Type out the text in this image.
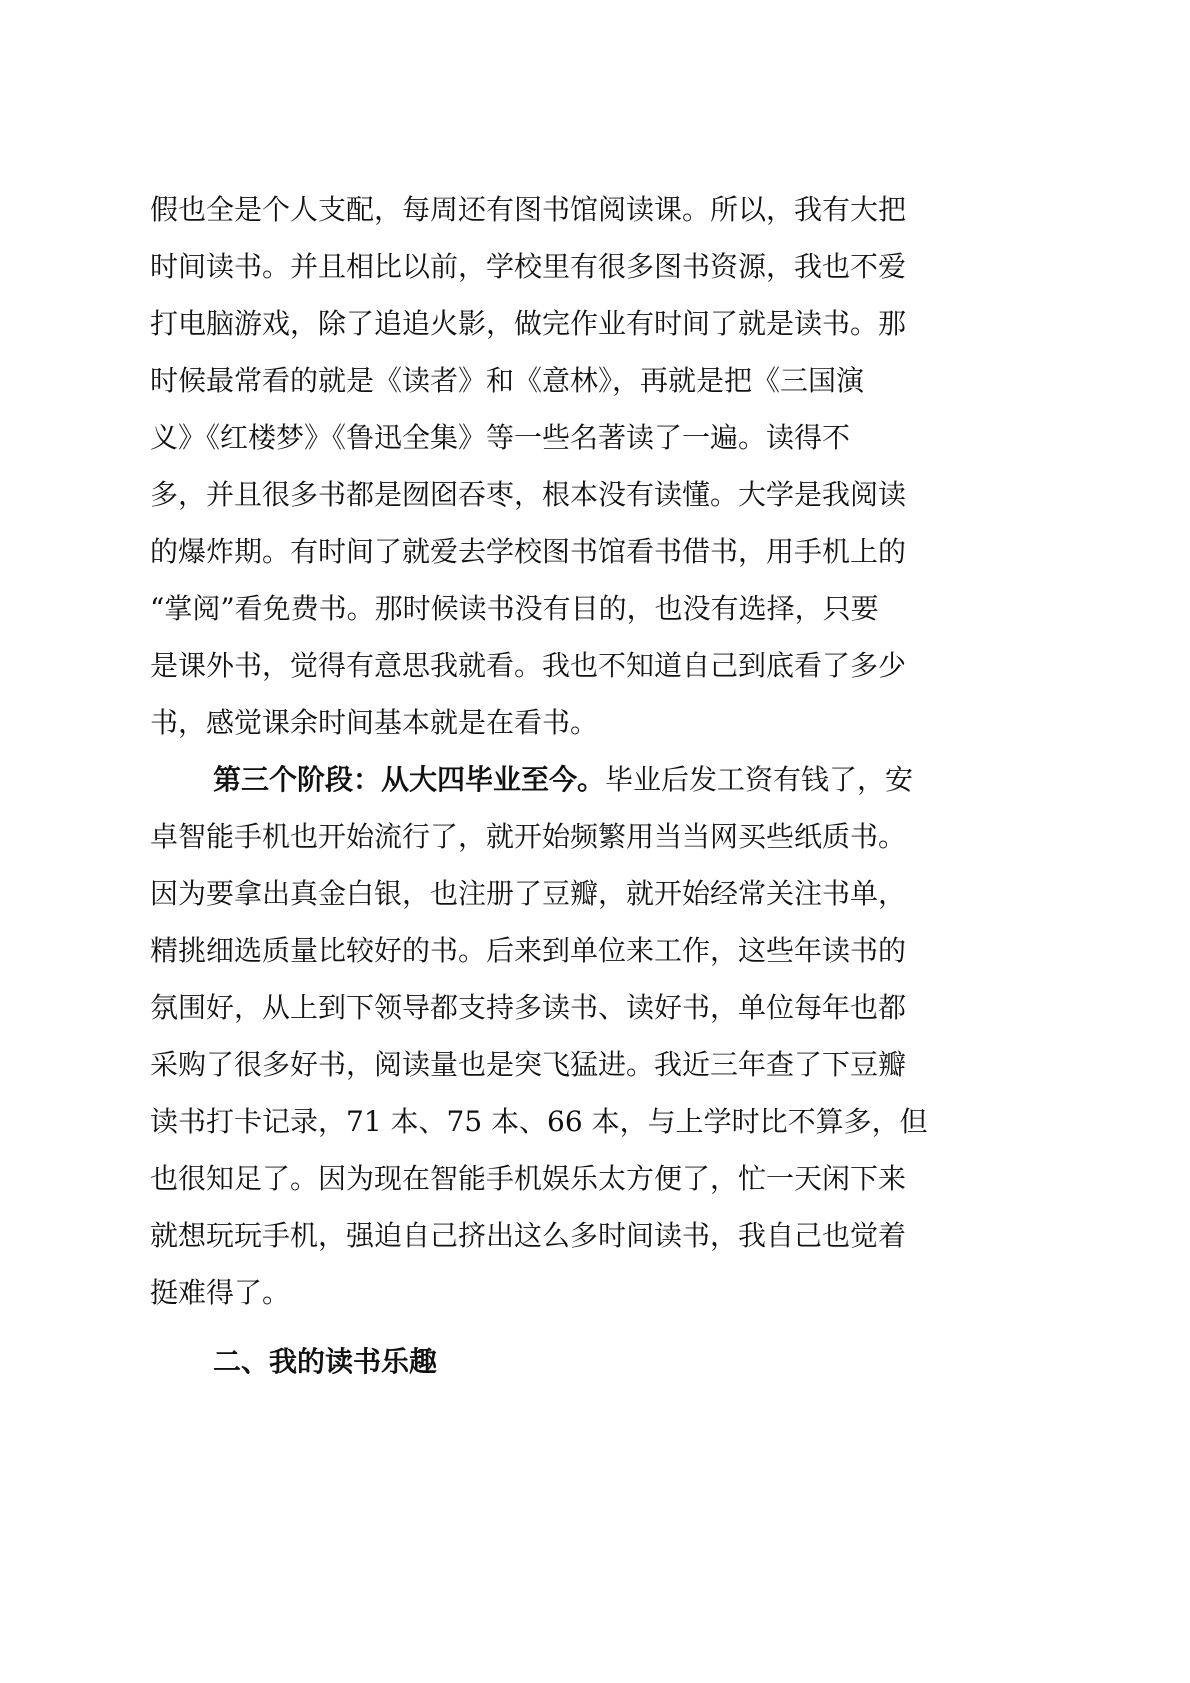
假也全是个人支配，每周还有图书馆阅读课。所以，我有大把
时间读书。并且相比以前，学校里有很多图书资源，我也不爱
打电脑游戏，除了追追火影，做完作业有时间了就是读书。那
时候最常看的就是《读者》和《意林》，再就是把《三国演
义》《红楼梦》《鲁迅全集》等一些名著读了一遍。读得不
多，并且很多书都是囫囵吞枣，根本没有读懂。大学是我阅读
的爆炸期。有时间了就爱去学校图书馆看书借书，用手机上的
“掌阅”看免费书。那时候读书没有目的，也没有选择，只要
是课外书，觉得有意思我就看。我也不知道自己到底看了多少
书，感觉课余时间基本就是在看书。
第三个阶段：从大四毕业至今。毕业后发工资有钱了，安
卓智能手机也开始流行了，就开始频繁用当当网买些纸质书。
因为要拿出真金白银，也注册了豆瓣，就开始经常关注书单，
精挑细选质量比较好的书。后来到单位来工作，这些年读书的
氛围好，从上到下领导都支持多读书、读好书，单位每年也都
采购了很多好书，阅读量也是突飞猛进。我近三年查了下豆瓣
读书打卡记录，71 本、75 本、66 本，与上学时比不算多，但
也很知足了。因为现在智能手机娱乐太方便了，忙一天闲下来
就想玩玩手机，强迫自己挤出这么多时间读书，我自己也觉着
挺难得了。
二、我的读书乐趣
